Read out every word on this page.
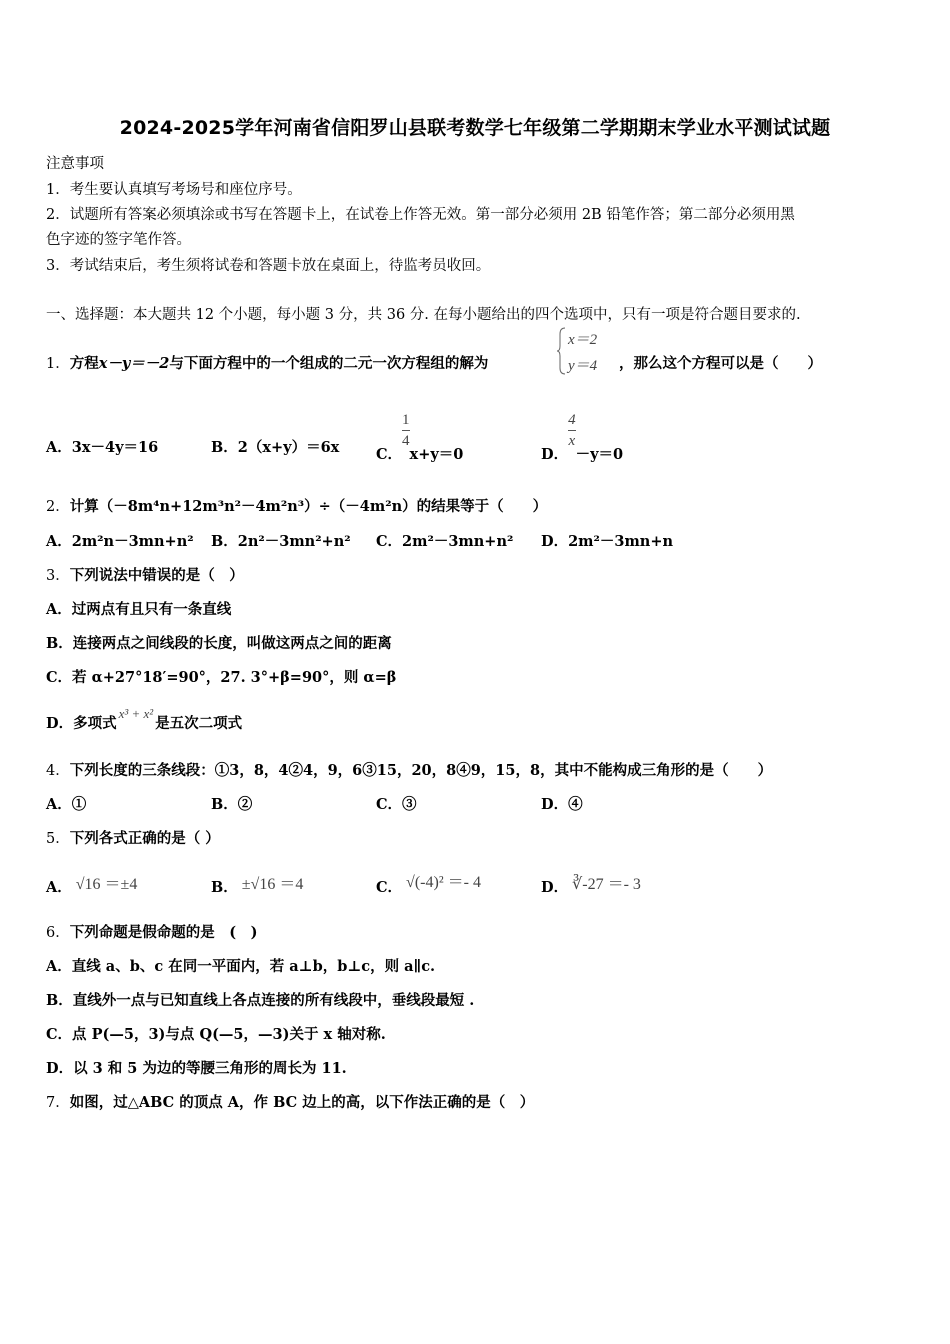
2024-2025学年河南省信阳罗山县联考数学七年级第二学期期末学业水平测试试题
注意事项
1．考生要认真填写考场号和座位序号。
2．试题所有答案必须填涂或书写在答题卡上，在试卷上作答无效。第一部分必须用 2B 铅笔作答；第二部分必须用黑
色字迹的签字笔作答。
3．考试结束后，考生须将试卷和答题卡放在桌面上，待监考员收回。
一、选择题：本大题共 12 个小题，每小题 3 分，共 36 分. 在每小题给出的四个选项中，只有一项是符合题目要求的.
1．方程x－y＝－2与下面方程中的一个组成的二元一次方程组的解为
x＝2
y＝4 ，那么这个方程可以是（　　）
A．3x－4y＝16	B．2（x+y）＝6x	C．
$\frac{1}{4}$
x+y＝0	D．
$\frac{4}{x}$
－y＝0
2．计算（－8m⁴n+12m³n²－4m²n³）÷（－4m²n）的结果等于（　　）
A．2m²n－3mn+n² B．2n²－3mn²+n² C．2m²－3mn+n² D．2m²－3mn+n
3．下列说法中错误的是（　）
A．过两点有且只有一条直线
B．连接两点之间线段的长度，叫做这两点之间的距离
C．若 α+27°18′=90°，27. 3°+β=90°，则 α=β
D．多项式x³ + x²是五次二项式
4．下列长度的三条线段：①3，8，4②4，9，6③15，20，8④9，15，8，其中不能构成三角形的是（　　）
A．①	B．②	C．③	D．④
5．下列各式正确的是（ ）
A． √16 ＝±4	B． ±√16 ＝4	C． √(-4)² ＝- 4	D． ∛-27 ＝- 3
6．下列命题是假命题的是　(　)
A．直线 a、b、c 在同一平面内，若 a⊥b，b⊥c，则 a∥c.
B．直线外一点与已知直线上各点连接的所有线段中，垂线段最短 .
C．点 P(—5，3)与点 Q(—5，—3)关于 x 轴对称.
D．以 3 和 5 为边的等腰三角形的周长为 11.
7．如图，过△ABC 的顶点 A，作 BC 边上的高，以下作法正确的是（　）
